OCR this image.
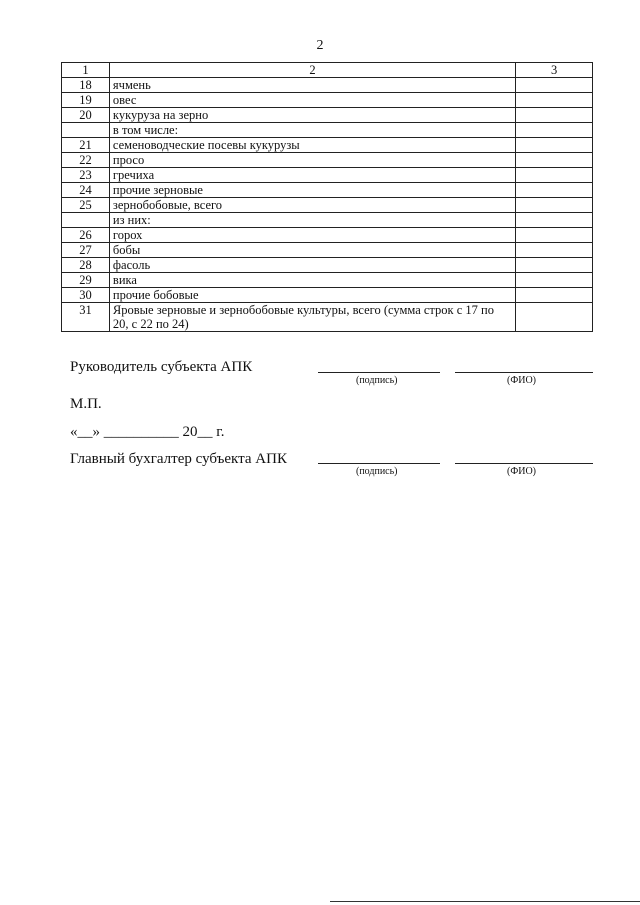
2
1	2	3
18	ячмень	
19	овес	
20	кукуруза на зерно	
	в том числе:	
21	семеноводческие посевы кукурузы	
22	просо	
23	гречиха	
24	прочие зерновые	
25	зернобобовые, всего	
	из них:	
26	горох	
27	бобы	
28	фасоль	
29	вика	
30	прочие бобовые	
31	Яровые зерновые и зернобобовые культуры, всего (сумма строк с 17 по 20, с 22 по 24)	
Руководитель субъекта АПК
(подпись)	(ФИО)
М.П.
«__» __________ 20__ г.
Главный бухгалтер субъекта АПК
(подпись)	(ФИО)
